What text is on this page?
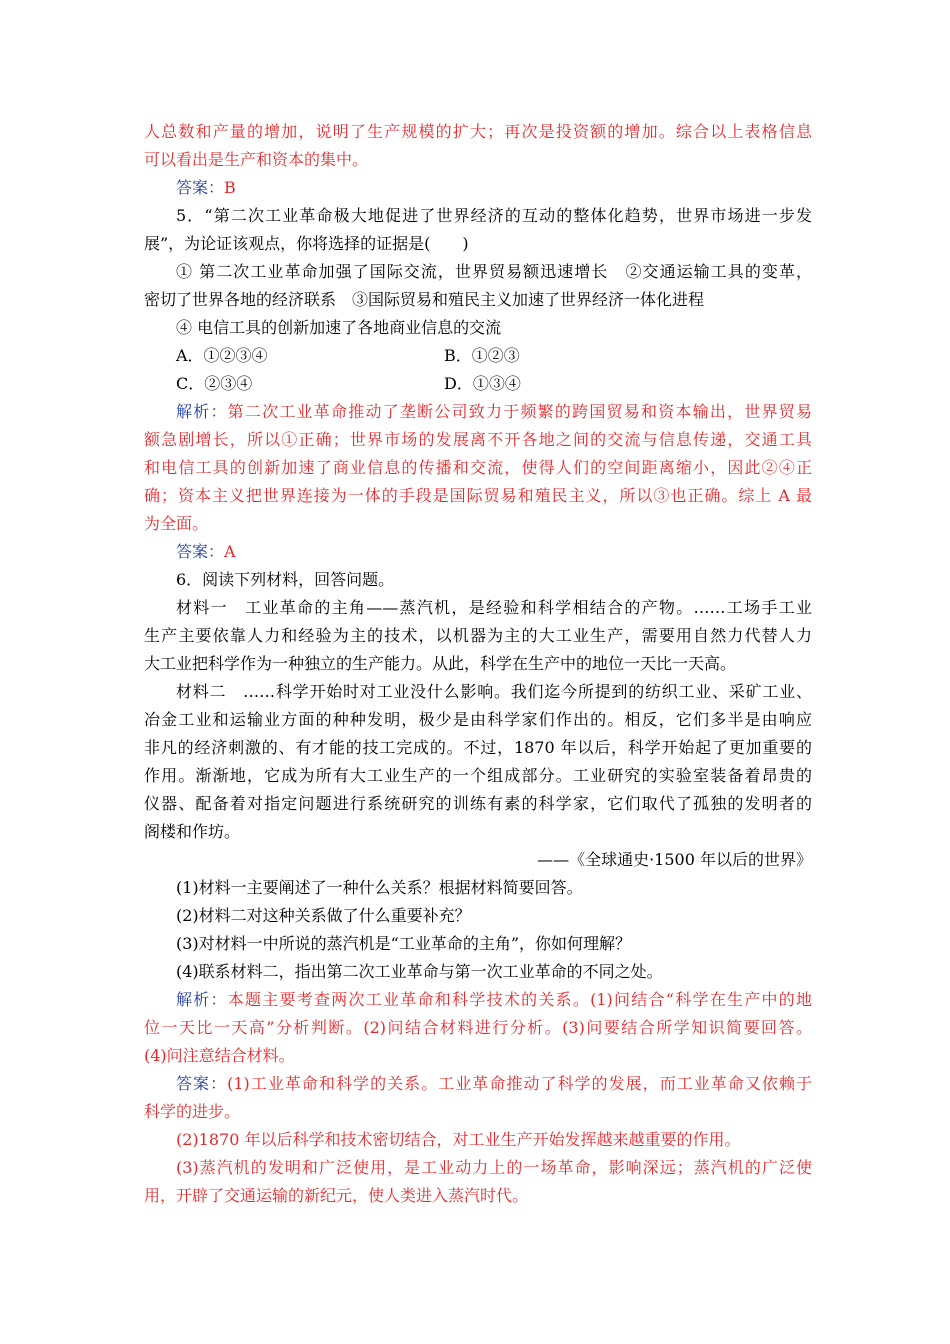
人总数和产量的增加，说明了生产规模的扩大；再次是投资额的增加。综合以上表格信息
可以看出是生产和资本的集中。
答案：B
5．“第二次工业革命极大地促进了世界经济的互动的整体化趋势，世界市场进一步发
展”，为论证该观点，你将选择的证据是(　　)
① 第二次工业革命加强了国际交流，世界贸易额迅速增长　②交通运输工具的变革，
密切了世界各地的经济联系　③国际贸易和殖民主义加速了世界经济一体化进程
④ 电信工具的创新加速了各地商业信息的交流
A．①②③④	B．①②③
C．②③④	D．①③④
解析：第二次工业革命推动了垄断公司致力于频繁的跨国贸易和资本输出，世界贸易
额急剧增长，所以①正确；世界市场的发展离不开各地之间的交流与信息传递，交通工具
和电信工具的创新加速了商业信息的传播和交流，使得人们的空间距离缩小，因此②④正
确；资本主义把世界连接为一体的手段是国际贸易和殖民主义，所以③也正确。综上 A 最
为全面。
答案：A
6．阅读下列材料，回答问题。
材料一　工业革命的主角——蒸汽机，是经验和科学相结合的产物。……工场手工业
生产主要依靠人力和经验为主的技术，以机器为主的大工业生产，需要用自然力代替人力
大工业把科学作为一种独立的生产能力。从此，科学在生产中的地位一天比一天高。
材料二　……科学开始时对工业没什么影响。我们迄今所提到的纺织工业、采矿工业、
冶金工业和运输业方面的种种发明，极少是由科学家们作出的。相反，它们多半是由响应
非凡的经济刺激的、有才能的技工完成的。不过，1870 年以后，科学开始起了更加重要的
作用。渐渐地，它成为所有大工业生产的一个组成部分。工业研究的实验室装备着昂贵的
仪器、配备着对指定问题进行系统研究的训练有素的科学家，它们取代了孤独的发明者的
阁楼和作坊。
——《全球通史·1500 年以后的世界》
(1)材料一主要阐述了一种什么关系？根据材料简要回答。
(2)材料二对这种关系做了什么重要补充？
(3)对材料一中所说的蒸汽机是“工业革命的主角”，你如何理解？
(4)联系材料二，指出第二次工业革命与第一次工业革命的不同之处。
解析：本题主要考查两次工业革命和科学技术的关系。(1)问结合“科学在生产中的地
位一天比一天高”分析判断。(2)问结合材料进行分析。(3)问要结合所学知识简要回答。
(4)问注意结合材料。
答案：(1)工业革命和科学的关系。工业革命推动了科学的发展，而工业革命又依赖于
科学的进步。
(2)1870 年以后科学和技术密切结合，对工业生产开始发挥越来越重要的作用。
(3)蒸汽机的发明和广泛使用，是工业动力上的一场革命，影响深远；蒸汽机的广泛使
用，开辟了交通运输的新纪元，使人类进入蒸汽时代。
